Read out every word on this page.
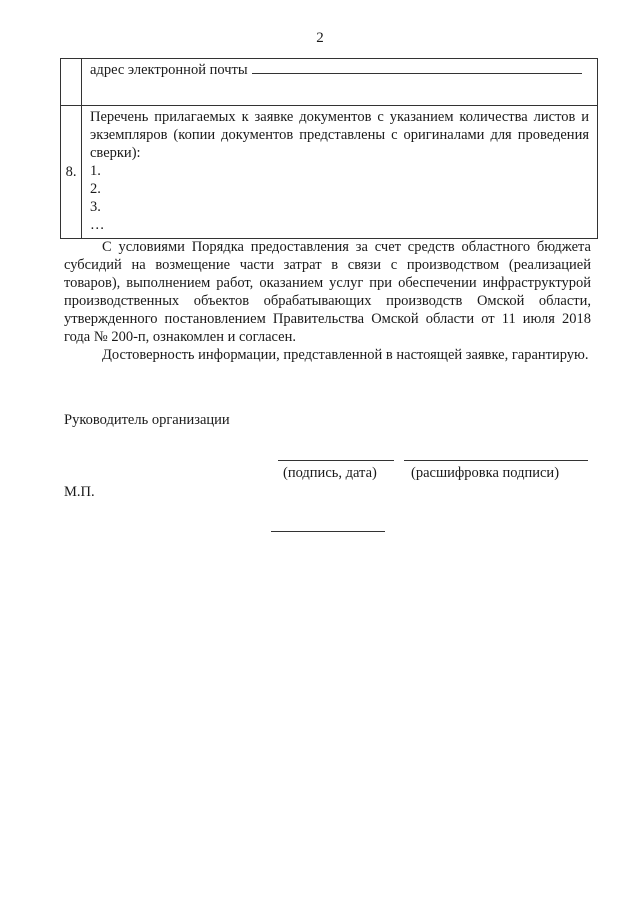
2
	адрес электронной почты
8.	Перечень прилагаемых к заявке документов с указанием количества листов и экземпляров (копии документов представлены с оригиналами для проведения сверки):
1.
2.
3.
…
С условиями Порядка предоставления за счет средств областного бюджета субсидий на возмещение части затрат в связи с производством (реализацией товаров), выполнением работ, оказанием услуг при обеспечении инфраструктурой производственных объектов обрабатывающих производств Омской области, утвержденного постановлением Правительства Омской области от 11 июля 2018 года № 200-п, ознакомлен и согласен.
Достоверность информации, представленной в настоящей заявке, гарантирую.
Руководитель организации
(подпись, дата) (расшифровка подписи)
М.П.
